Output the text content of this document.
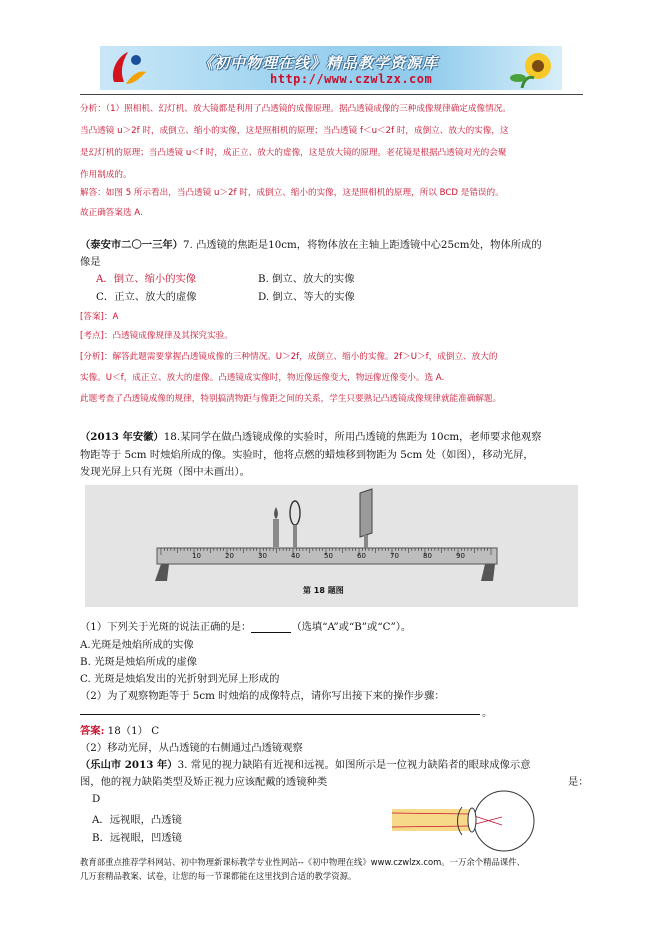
《初中物理在线》精品教学资源库
http://www.czwlzx.com
分析：（1）照相机、幻灯机、放大镜都是利用了凸透镜的成像原理。据凸透镜成像的三种成像规律确定成像情况。
当凸透镜 u＞2f 时，成倒立、缩小的实像，这是照相机的原理；当凸透镜 f＜u＜2f 时，成倒立、放大的实像，这
是幻灯机的原理；当凸透镜 u＜f 时，成正立、放大的虚像，这是放大镜的原理。老花镜是根据凸透镜对光的会聚
作用制成的。
解答：如图 5 所示看出，当凸透镜 u＞2f 时，成倒立、缩小的实像，这是照相机的原理，所以 BCD 是错误的。
故正确答案选 A.
（泰安市二〇一三年）7. 凸透镜的焦距是10cm，将物体放在主轴上距透镜中心25cm处，物体所成的
像是
A．倒立、缩小的实像	B. 倒立、放大的实像
C．正立、放大的虚像	D. 倒立、等大的实像
[答案]：A
[考点]：凸透镜成像规律及其探究实验。
[分析]：解答此题需要掌握凸透镜成像的三种情况。U＞2f，成倒立、缩小的实像。2f＞U＞f，成倒立、放大的
实像。U＜f，成正立、放大的虚像。凸透镜成实像时，物近像远像变大，物远像近像变小。选 A.
此题考查了凸透镜成像的规律，特别搞清物距与像距之间的关系，学生只要熟记凸透镜成像规律就能准确解题。
（2013 年安徽）18.某同学在做凸透镜成像的实验时，所用凸透镜的焦距为 10cm，老师要求他观察
物距等于 5cm 时烛焰所成的像。实验时，他将点燃的蜡烛移到物距为 5cm 处（如图），移动光屏，
发现光屏上只有光斑（图中未画出）。
10	20	30	40	50	60	70	80	90
第 18 题图
（1）下列关于光斑的说法正确的是：	（选填“A”或“B”或“C”）。
A.光斑是烛焰所成的实像
B. 光斑是烛焰所成的虚像
C. 光斑是烛焰发出的光折射到光屏上形成的
（2）为了观察物距等于 5cm 时烛焰的成像特点，请你写出接下来的操作步骤：
。
答案: 18（1） C
（2）移动光屏，从凸透镜的右侧通过凸透镜观察
（乐山市 2013 年）3. 常见的视力缺陷有近视和远视。如图所示是一位视力缺陷者的眼球成像示意
图，他的视力缺陷类型及矫正视力应该配戴的透镜种类	是：
D
A．远视眼，凸透镜
B．远视眼，凹透镜
教育部重点推荐学科网站、初中物理新课标教学专业性网站--《初中物理在线》www.czwlzx.com。一万余个精品课件、
几万套精品教案、试卷，让您的每一节课都能在这里找到合适的教学资源。
